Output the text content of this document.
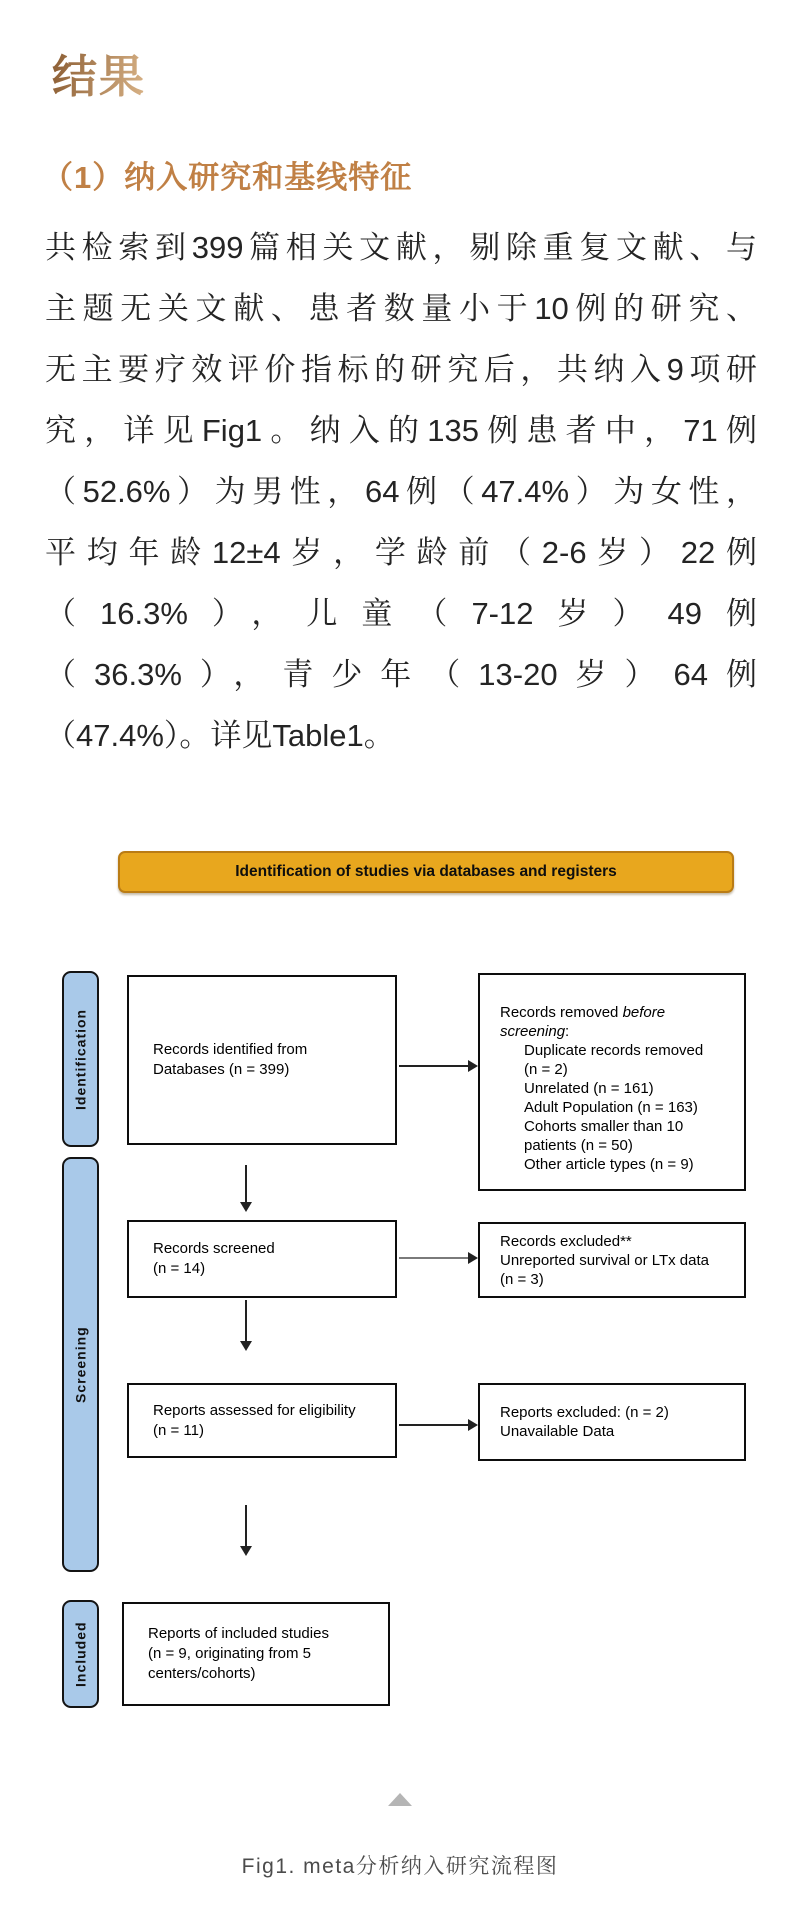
结果
（1）纳入研究和基线特征
共检索到399篇相关文献，剔除重复文献、与
主题无关文献、患者数量小于10例的研究、
无主要疗效评价指标的研究后，共纳入9项研
究，详见Fig1。纳入的135例患者中，71例
（52.6%）为男性，64例（47.4%）为女性，
平均年龄12±4岁，学龄前（2-6岁）22例
（16.3%），儿童（7-12岁）49例
（36.3%），青少年（13-20岁）64例
（47.4%）。详见Table1。
Identification of studies via databases and registers
Identification
Screening
Included
Records identified from
Databases (n = 399)
Records removed before
screening:
Duplicate records removed
(n = 2)
Unrelated (n = 161)
Adult Population (n = 163)
Cohorts smaller than 10
patients (n = 50)
Other article types (n = 9)
Records screened
(n = 14)
Records excluded**
Unreported survival or LTx data
(n = 3)
Reports assessed for eligibility
(n = 11)
Reports excluded: (n = 2)
Unavailable Data
Reports of included studies
(n = 9, originating from 5
centers/cohorts)
Fig1. meta分析纳入研究流程图
